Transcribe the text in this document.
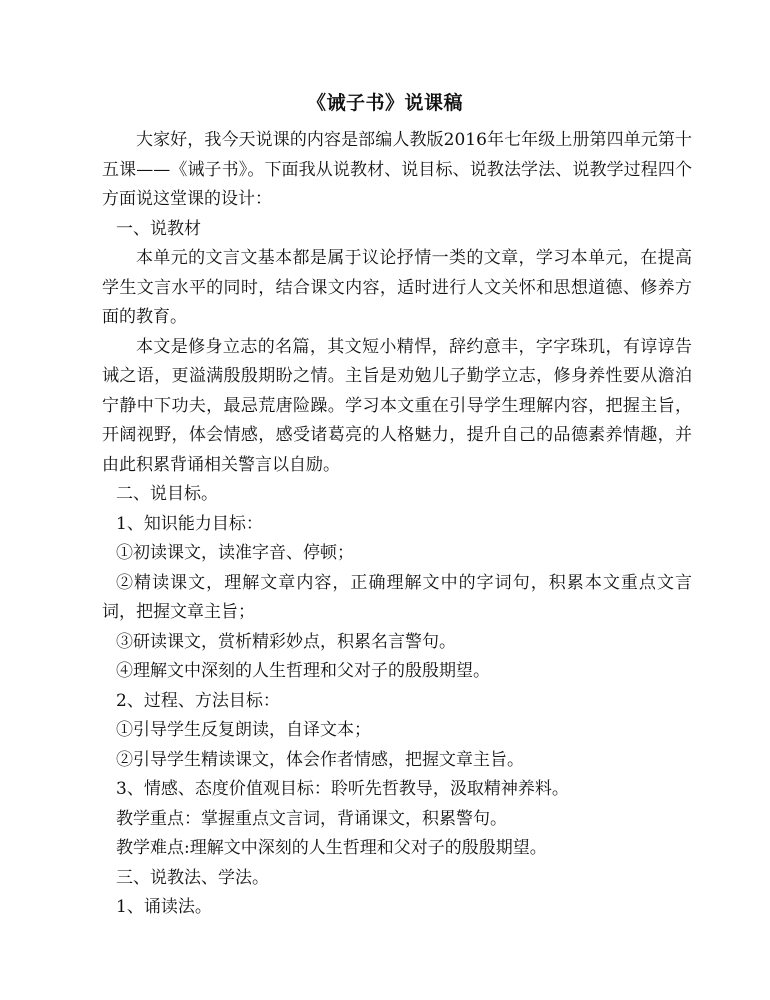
《诫子书》说课稿

大家好，我今天说课的内容是部编人教版2016年七年级上册第四单元第十五课——《诫子书》。下面我从说教材、说目标、说教法学法、说教学过程四个方面说这堂课的设计：

一、说教材

本单元的文言文基本都是属于议论抒情一类的文章，学习本单元，在提高学生文言水平的同时，结合课文内容，适时进行人文关怀和思想道德、修养方面的教育。

本文是修身立志的名篇，其文短小精悍，辞约意丰，字字珠玑，有谆谆告诫之语，更溢满殷殷期盼之情。主旨是劝勉儿子勤学立志，修身养性要从澹泊宁静中下功夫，最忌荒唐险躁。学习本文重在引导学生理解内容，把握主旨，开阔视野，体会情感，感受诸葛亮的人格魅力，提升自己的品德素养情趣，并由此积累背诵相关警言以自励。

二、说目标。

1、知识能力目标：

①初读课文，读准字音、停顿；

②精读课文，理解文章内容，正确理解文中的字词句，积累本文重点文言词，把握文章主旨；

③研读课文，赏析精彩妙点，积累名言警句。

④理解文中深刻的人生哲理和父对子的殷殷期望。

2、过程、方法目标：

①引导学生反复朗读，自译文本；

②引导学生精读课文，体会作者情感，把握文章主旨。

3、情感、态度价值观目标：聆听先哲教导，汲取精神养料。

教学重点：掌握重点文言词，背诵课文，积累警句。

教学难点:理解文中深刻的人生哲理和父对子的殷殷期望。

三、说教法、学法。

1、诵读法。
